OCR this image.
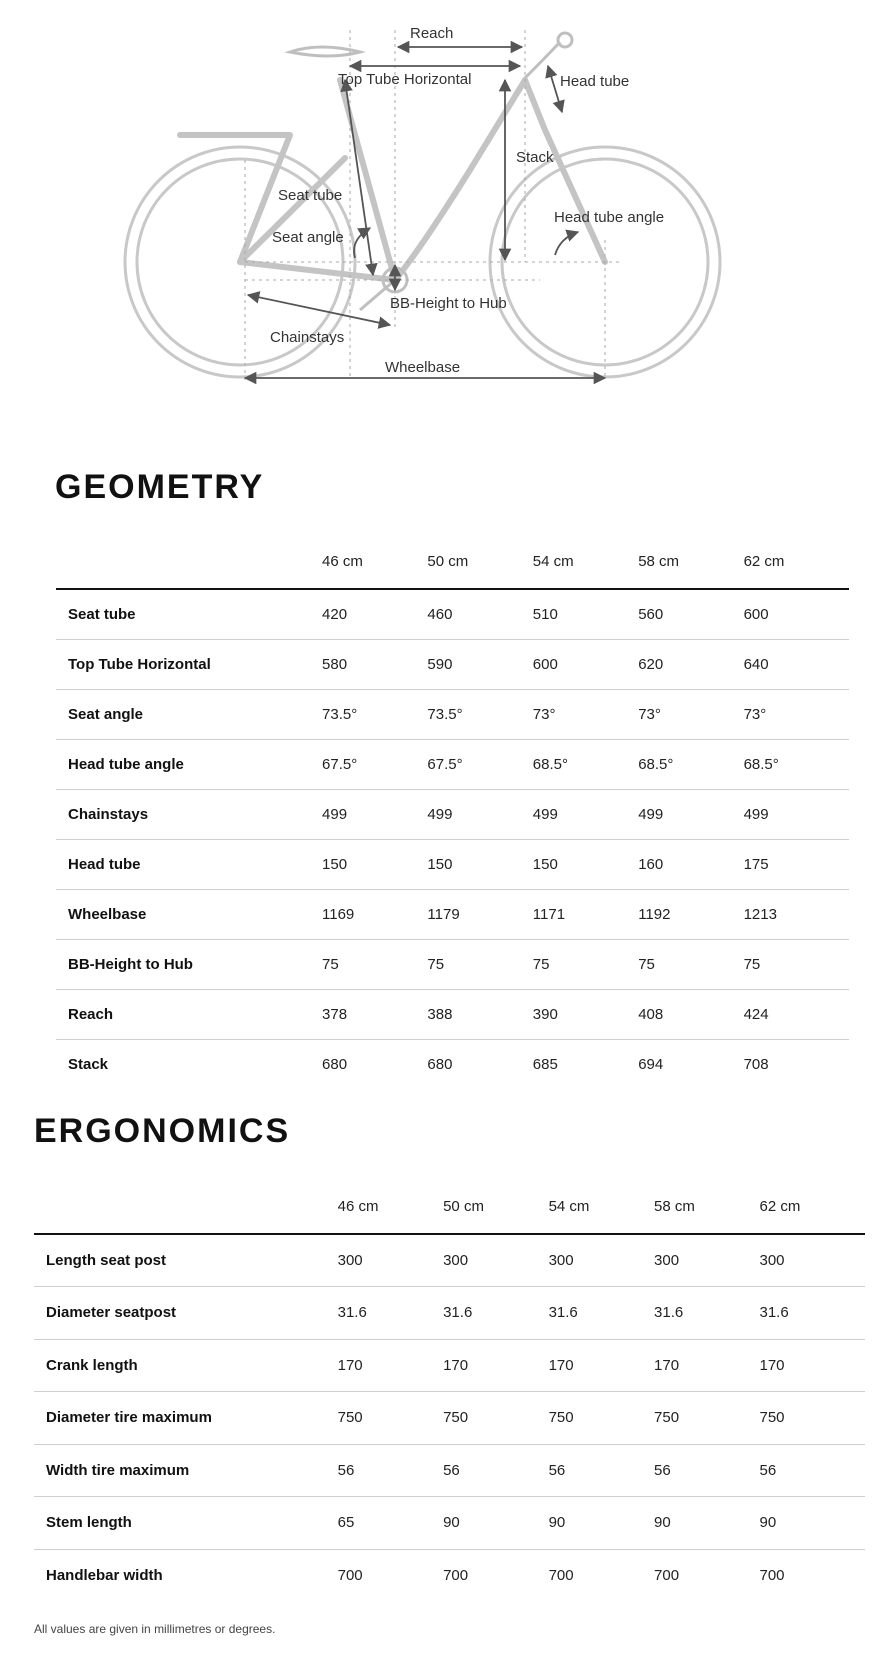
Reach
Top Tube Horizontal	Head tube
Stack
Seat tube
Seat angle
Head tube angle
BB-Height to Hub
Chainstays
Wheelbase
GEOMETRY
	46 cm	50 cm	54 cm	58 cm	62 cm
Seat tube	420	460	510	560	600
Top Tube Horizontal	580	590	600	620	640
Seat angle	73.5°	73.5°	73°	73°	73°
Head tube angle	67.5°	67.5°	68.5°	68.5°	68.5°
Chainstays	499	499	499	499	499
Head tube	150	150	150	160	175
Wheelbase	1169	1179	1171	1192	1213
BB-Height to Hub	75	75	75	75	75
Reach	378	388	390	408	424
Stack	680	680	685	694	708
ERGONOMICS
	46 cm	50 cm	54 cm	58 cm	62 cm
Length seat post	300	300	300	300	300
Diameter seatpost	31.6	31.6	31.6	31.6	31.6
Crank length	170	170	170	170	170
Diameter tire maximum	750	750	750	750	750
Width tire maximum	56	56	56	56	56
Stem length	65	90	90	90	90
Handlebar width	700	700	700	700	700
All values are given in millimetres or degrees.
